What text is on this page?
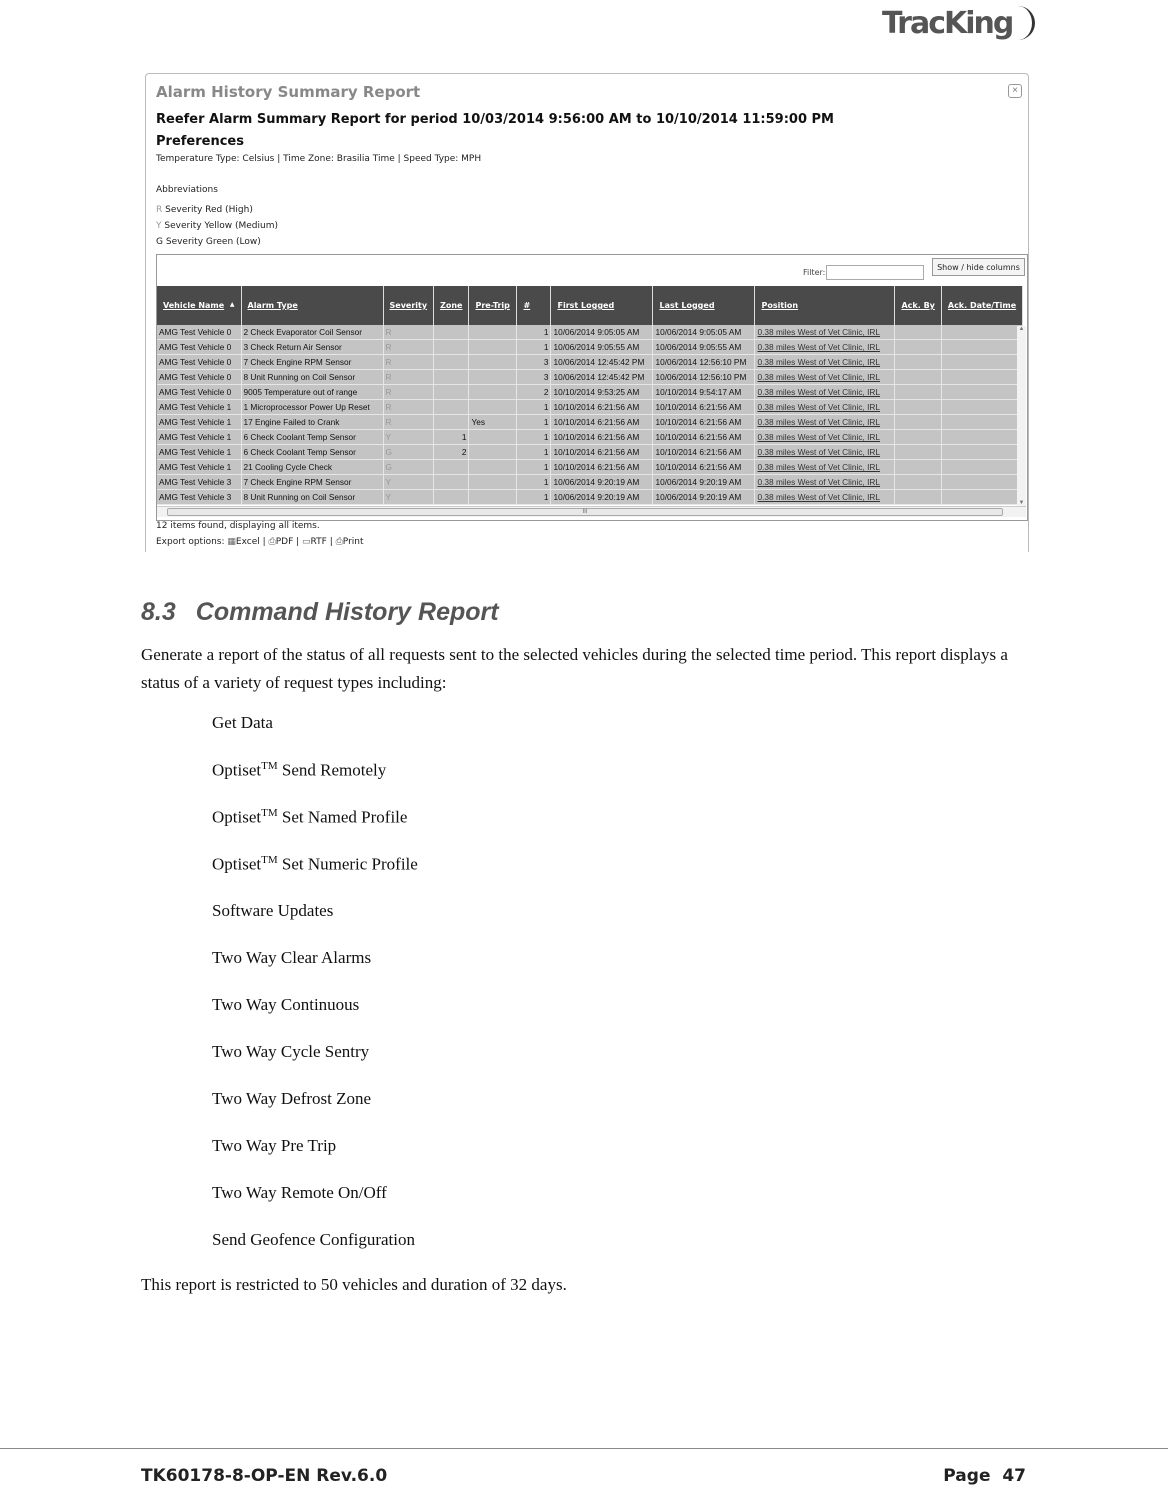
TracKing
Alarm History Summary Report	×
Reefer Alarm Summary Report for period 10/03/2014 9:56:00 AM to 10/10/2014 11:59:00 PM
Preferences
Temperature Type: Celsius | Time Zone: Brasilia Time | Speed Type: MPH
Abbreviations
R Severity Red (High)
Y Severity Yellow (Medium)
G Severity Green (Low)
Filter:
Show / hide columns
Vehicle Name ▲	Alarm Type	Severity	Zone	Pre-Trip	#	First Logged	Last Logged	Position	Ack. By	Ack. Date/Time
AMG Test Vehicle 0	2 Check Evaporator Coil Sensor	R			1	10/06/2014 9:05:05 AM	10/06/2014 9:05:05 AM	0.38 miles West of Vet Clinic, IRL		
AMG Test Vehicle 0	3 Check Return Air Sensor	R			1	10/06/2014 9:05:55 AM	10/06/2014 9:05:55 AM	0.38 miles West of Vet Clinic, IRL		
AMG Test Vehicle 0	7 Check Engine RPM Sensor	R			3	10/06/2014 12:45:42 PM	10/06/2014 12:56:10 PM	0.38 miles West of Vet Clinic, IRL		
AMG Test Vehicle 0	8 Unit Running on Coil Sensor	R			3	10/06/2014 12:45:42 PM	10/06/2014 12:56:10 PM	0.38 miles West of Vet Clinic, IRL		
AMG Test Vehicle 0	9005 Temperature out of range	R			2	10/10/2014 9:53:25 AM	10/10/2014 9:54:17 AM	0.38 miles West of Vet Clinic, IRL		
AMG Test Vehicle 1	1 Microprocessor Power Up Reset	R			1	10/10/2014 6:21:56 AM	10/10/2014 6:21:56 AM	0.38 miles West of Vet Clinic, IRL		
AMG Test Vehicle 1	17 Engine Failed to Crank	R		Yes	1	10/10/2014 6:21:56 AM	10/10/2014 6:21:56 AM	0.38 miles West of Vet Clinic, IRL		
AMG Test Vehicle 1	6 Check Coolant Temp Sensor	Y	1		1	10/10/2014 6:21:56 AM	10/10/2014 6:21:56 AM	0.38 miles West of Vet Clinic, IRL		
AMG Test Vehicle 1	6 Check Coolant Temp Sensor	G	2		1	10/10/2014 6:21:56 AM	10/10/2014 6:21:56 AM	0.38 miles West of Vet Clinic, IRL		
AMG Test Vehicle 1	21 Cooling Cycle Check	G			1	10/10/2014 6:21:56 AM	10/10/2014 6:21:56 AM	0.38 miles West of Vet Clinic, IRL		
AMG Test Vehicle 3	7 Check Engine RPM Sensor	Y			1	10/06/2014 9:20:19 AM	10/06/2014 9:20:19 AM	0.38 miles West of Vet Clinic, IRL		
AMG Test Vehicle 3	8 Unit Running on Coil Sensor	Y			1	10/06/2014 9:20:19 AM	10/06/2014 9:20:19 AM	0.38 miles West of Vet Clinic, IRL		
▲
▼
III
12 items found, displaying all items.
Export options: ▦Excel | ⎙PDF | ▭RTF | ⎙Print
8.3 Command History Report
Generate a report of the status of all requests sent to the selected vehicles during the selected time period. This report displays a status of a variety of request types including:
Get Data
Optiset™ Send Remotely
Optiset™ Set Named Profile
Optiset™ Set Numeric Profile
Software Updates
Two Way Clear Alarms
Two Way Continuous
Two Way Cycle Sentry
Two Way Defrost Zone
Two Way Pre Trip
Two Way Remote On/Off
Send Geofence Configuration
This report is restricted to 50 vehicles and duration of 32 days.
TK60178-8-OP-EN Rev.6.0	Page 47
